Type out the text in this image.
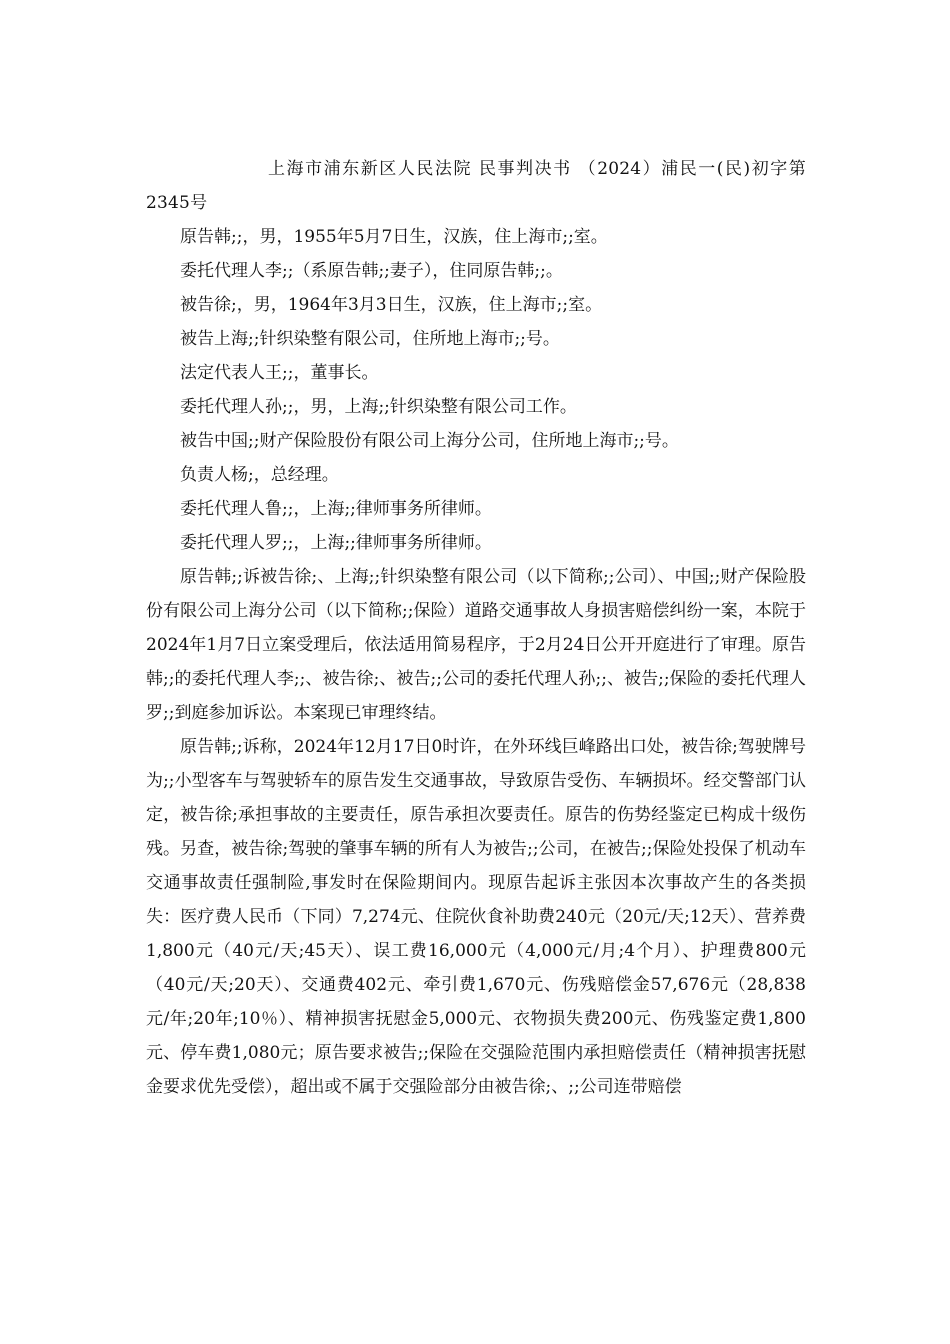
上海市浦东新区人民法院 民事判决书 （2024）浦民一(民)初字第2345号

原告韩;;，男，1955年5月7日生，汉族，住上海市;;室。

委托代理人李;;（系原告韩;;妻子），住同原告韩;;。

被告徐;，男，1964年3月3日生，汉族，住上海市;;室。

被告上海;;针织染整有限公司，住所地上海市;;号。

法定代表人王;;，董事长。

委托代理人孙;;，男，上海;;针织染整有限公司工作。

被告中国;;财产保险股份有限公司上海分公司，住所地上海市;;号。

负责人杨;，总经理。

委托代理人鲁;;，上海;;律师事务所律师。

委托代理人罗;;，上海;;律师事务所律师。

原告韩;;诉被告徐;、上海;;针织染整有限公司（以下简称;;公司）、中国;;财产保险股份有限公司上海分公司（以下简称;;保险）道路交通事故人身损害赔偿纠纷一案，本院于2024年1月7日立案受理后，依法适用简易程序，于2月24日公开开庭进行了审理。原告韩;;的委托代理人李;;、被告徐;、被告;;公司的委托代理人孙;;、被告;;保险的委托代理人罗;;到庭参加诉讼。本案现已审理终结。

原告韩;;诉称，2024年12月17日0时许，在外环线巨峰路出口处，被告徐;驾驶牌号为;;小型客车与驾驶轿车的原告发生交通事故，导致原告受伤、车辆损坏。经交警部门认定，被告徐;承担事故的主要责任，原告承担次要责任。原告的伤势经鉴定已构成十级伤残。另查，被告徐;驾驶的肇事车辆的所有人为被告;;公司，在被告;;保险处投保了机动车交通事故责任强制险,事发时在保险期间内。现原告起诉主张因本次事故产生的各类损失：医疗费人民币（下同）7,274元、住院伙食补助费240元（20元/天;12天）、营养费1,800元（40元/天;45天）、误工费16,000元（4,000元/月;4个月）、护理费800元（40元/天;20天）、交通费402元、牵引费1,670元、伤残赔偿金57,676元（28,838元/年;20年;10％）、精神损害抚慰金5,000元、衣物损失费200元、伤残鉴定费1,800元、停车费1,080元；原告要求被告;;保险在交强险范围内承担赔偿责任（精神损害抚慰金要求优先受偿），超出或不属于交强险部分由被告徐;、;;公司连带赔偿
